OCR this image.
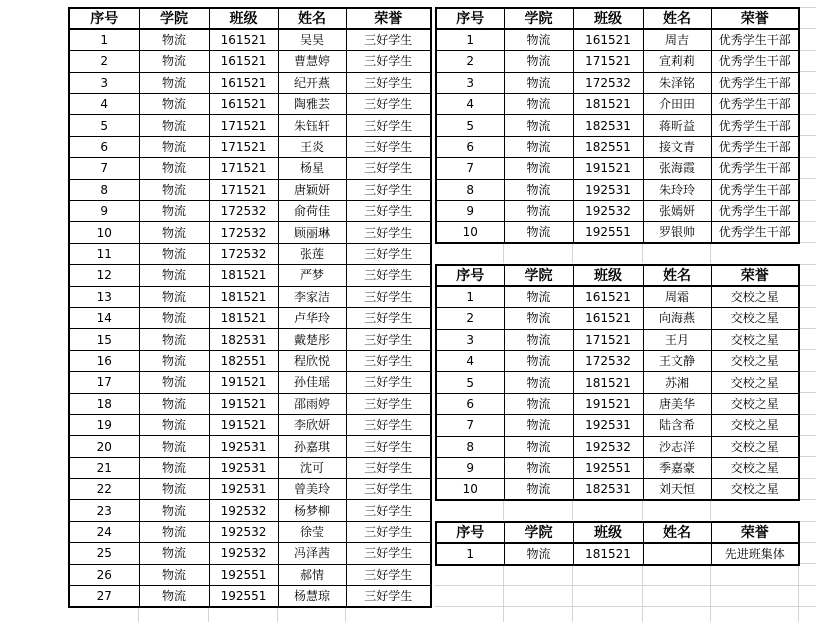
序号	学院	班级	姓名	荣誉
1	物流	161521	吴昊	三好学生
2	物流	161521	曹慧婷	三好学生
3	物流	161521	纪开燕	三好学生
4	物流	161521	陶雅芸	三好学生
5	物流	171521	朱钰轩	三好学生
6	物流	171521	王炎	三好学生
7	物流	171521	杨星	三好学生
8	物流	171521	唐颖妍	三好学生
9	物流	172532	俞荷佳	三好学生
10	物流	172532	顾丽琳	三好学生
11	物流	172532	张莲	三好学生
12	物流	181521	严梦	三好学生
13	物流	181521	李家洁	三好学生
14	物流	181521	卢华玲	三好学生
15	物流	182531	戴楚彤	三好学生
16	物流	182551	程欣悦	三好学生
17	物流	191521	孙佳瑶	三好学生
18	物流	191521	邵雨婷	三好学生
19	物流	191521	李欣妍	三好学生
20	物流	192531	孙嘉琪	三好学生
21	物流	192531	沈可	三好学生
22	物流	192531	曾美玲	三好学生
23	物流	192532	杨梦柳	三好学生
24	物流	192532	徐莹	三好学生
25	物流	192532	冯泽茜	三好学生
26	物流	192551	郝情	三好学生
27	物流	192551	杨慧琼	三好学生
序号	学院	班级	姓名	荣誉
1	物流	161521	周吉	优秀学生干部
2	物流	171521	宣莉莉	优秀学生干部
3	物流	172532	朱泽铭	优秀学生干部
4	物流	181521	介田田	优秀学生干部
5	物流	182531	蒋昕益	优秀学生干部
6	物流	182551	接文青	优秀学生干部
7	物流	191521	张海霞	优秀学生干部
8	物流	192531	朱玲玲	优秀学生干部
9	物流	192532	张嫣妍	优秀学生干部
10	物流	192551	罗银帅	优秀学生干部
序号	学院	班级	姓名	荣誉
1	物流	161521	周霜	交校之星
2	物流	161521	向海燕	交校之星
3	物流	171521	王月	交校之星
4	物流	172532	王文静	交校之星
5	物流	181521	苏湘	交校之星
6	物流	191521	唐美华	交校之星
7	物流	192531	陆含希	交校之星
8	物流	192532	沙志洋	交校之星
9	物流	192551	季嘉豪	交校之星
10	物流	182531	刘天恒	交校之星
序号	学院	班级	姓名	荣誉
1	物流	181521		先进班集体
